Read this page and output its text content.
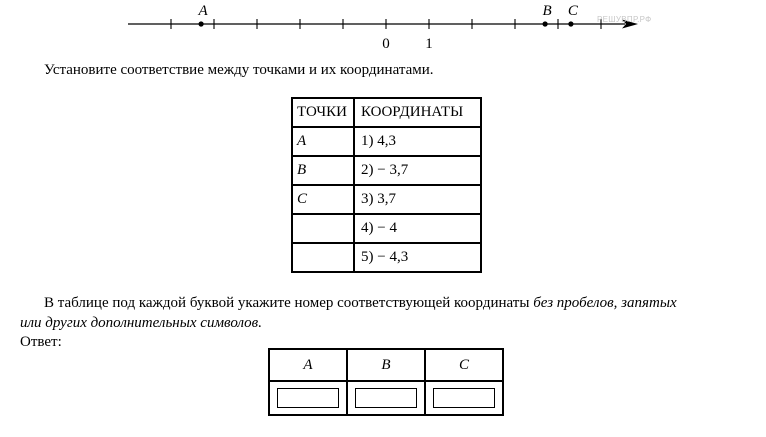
A	B C
0 1
РЕШУВПР.РФ
Установите соответствие между точками и их координатами.
ТОЧКИ	КООРДИНАТЫ
A	1) 4,3
B	2) − 3,7
C	3) 3,7
	4) − 4
	5) − 4,3
В таблице под каждой буквой укажите номер соответствующей координаты без пробелов, запятых
или других дополнительных символов.
Ответ:
A	B	C
